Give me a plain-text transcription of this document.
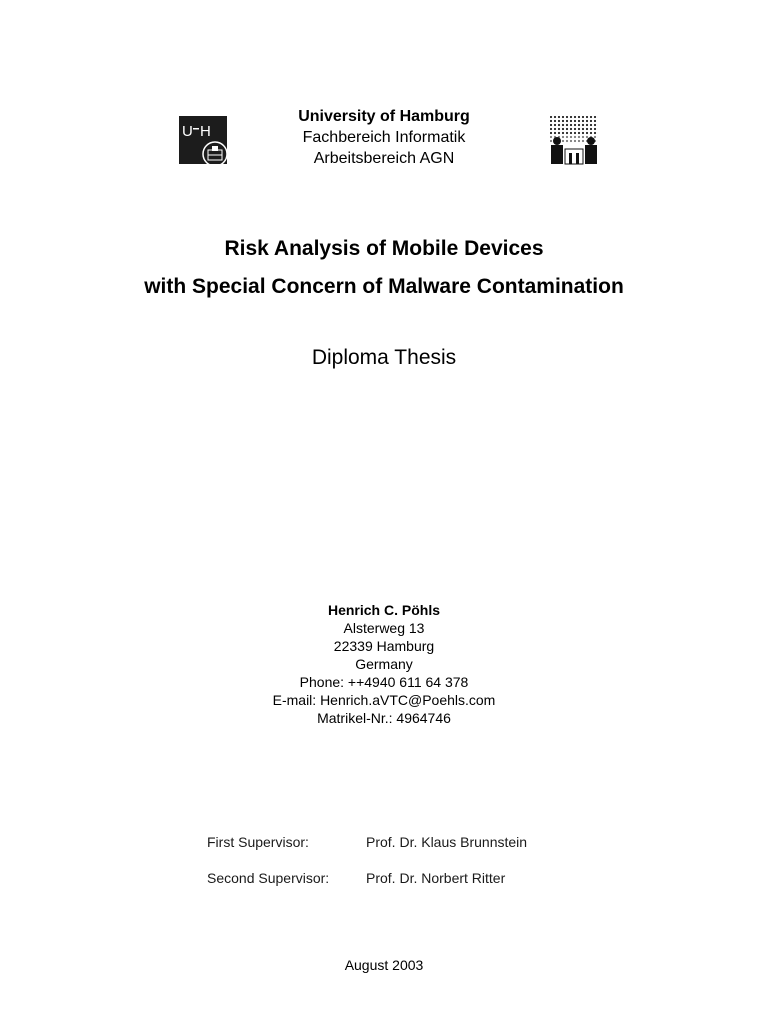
U H
University of Hamburg
Fachbereich Informatik
Arbeitsbereich AGN
Risk Analysis of Mobile Devices
with Special Concern of Malware Contamination
Diploma Thesis
Henrich C. Pöhls
Alsterweg 13
22339 Hamburg
Germany
Phone: ++4940 611 64 378
E-mail: Henrich.aVTC@Poehls.com
Matrikel-Nr.: 4964746
First Supervisor:	Prof. Dr. Klaus Brunnstein
Second Supervisor:	Prof. Dr. Norbert Ritter
August 2003
